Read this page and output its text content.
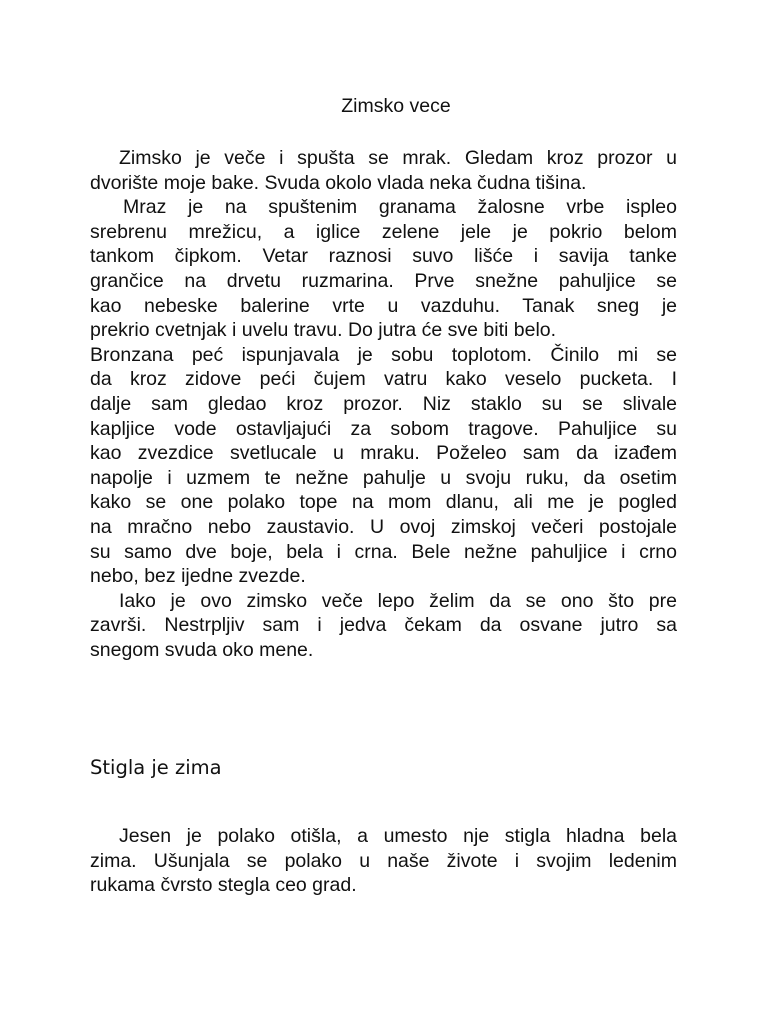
Zimsko vece
Zimsko je veče i spušta se mrak. Gledam kroz prozor u
dvorište moje bake. Svuda okolo vlada neka čudna tišina.
Mraz je na spuštenim granama žalosne vrbe ispleo
srebrenu mrežicu, a iglice zelene jele je pokrio belom
tankom čipkom. Vetar raznosi suvo lišće i savija tanke
grančice na drvetu ruzmarina. Prve snežne pahuljice se
kao nebeske balerine vrte u vazduhu. Tanak sneg je
prekrio cvetnjak i uvelu travu. Do jutra će sve biti belo.
Bronzana peć ispunjavala je sobu toplotom. Činilo mi se
da kroz zidove peći čujem vatru kako veselo pucketa. I
dalje sam gledao kroz prozor. Niz staklo su se slivale
kapljice vode ostavljajući za sobom tragove. Pahuljice su
kao zvezdice svetlucale u mraku. Poželeo sam da izađem
napolje i uzmem te nežne pahulje u svoju ruku, da osetim
kako se one polako tope na mom dlanu, ali me je pogled
na mračno nebo zaustavio. U ovoj zimskoj večeri postojale
su samo dve boje, bela i crna. Bele nežne pahuljice i crno
nebo, bez ijedne zvezde.
Iako je ovo zimsko veče lepo želim da se ono što pre
završi. Nestrpljiv sam i jedva čekam da osvane jutro sa
snegom svuda oko mene.
Stigla je zima
Jesen je polako otišla, a umesto nje stigla hladna bela
zima. Ušunjala se polako u naše živote i svojim ledenim
rukama čvrsto stegla ceo grad.
